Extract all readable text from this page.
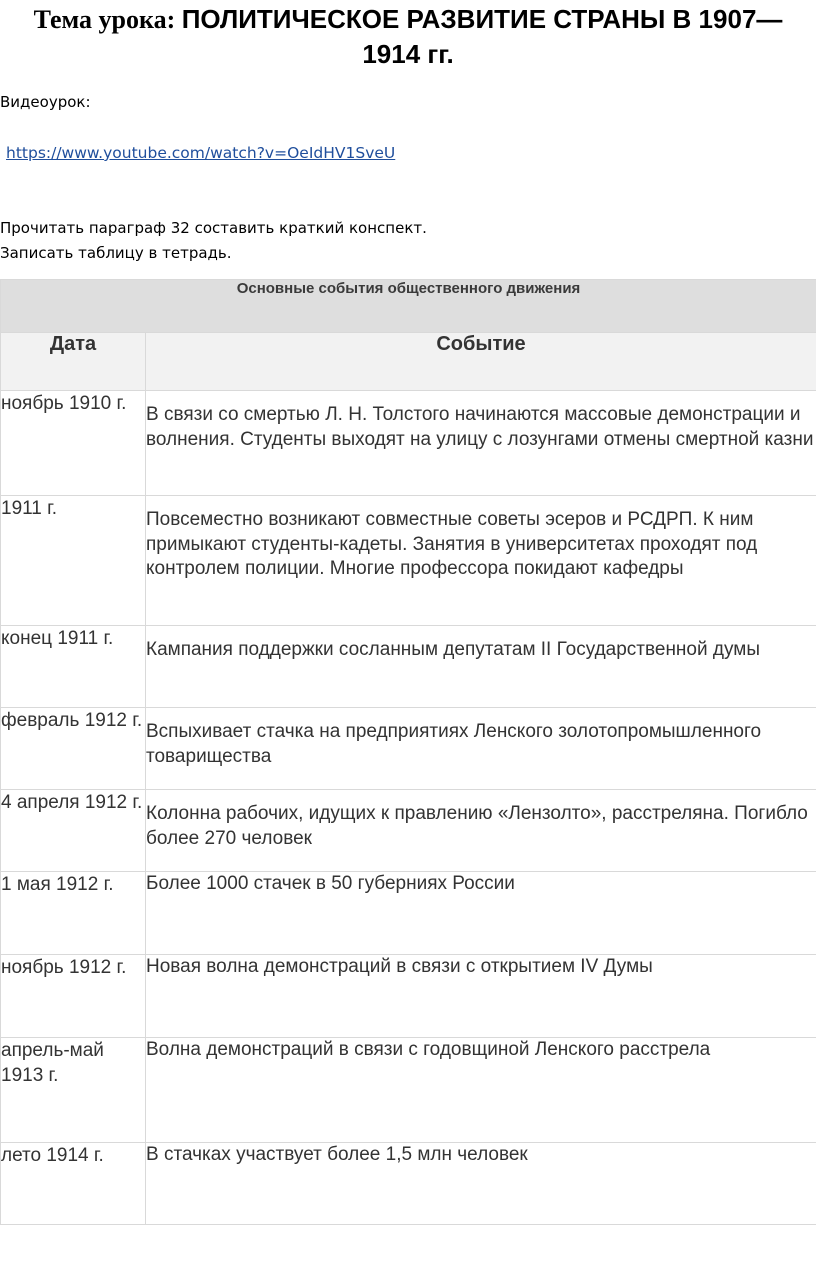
Тема урока: ПОЛИТИЧЕСКОЕ РАЗВИТИЕ СТРАНЫ В 1907—1914 гг.

Видеоурок:

https://www.youtube.com/watch?v=OeIdHV1SveU

Прочитать параграф 32 составить краткий конспект.

Записать таблицу в тетрадь.

Основные события общественного движения	
Дата	Событие
ноябрь 1910 г.	В связи со смертью Л. Н. Толстого начинаются массовые демонстрации и волнения. Студенты выходят на улицу с лозунгами отмены смертной казни
1911 г.	Повсеместно возникают совместные советы эсеров и РСДРП. К ним примыкают студенты-кадеты. Занятия в университетах проходят под контролем полиции. Многие профессора покидают кафедры
конец 1911 г.	Кампания поддержки сосланным депутатам II Государственной думы
февраль 1912 г.	Вспыхивает стачка на предприятиях Ленского золотопромышленного товарищества
4 апреля 1912 г.	Колонна рабочих, идущих к правлению «Лензолто», расстреляна. Погибло более 270 человек
1 мая 1912 г.	Более 1000 стачек в 50 губерниях России
ноябрь 1912 г.	Новая волна демонстраций в связи с открытием IV Думы
апрель-май 1913 г.	Волна демонстраций в связи с годовщиной Ленского расстрела
лето 1914 г.	В стачках участвует более 1,5 млн человек
